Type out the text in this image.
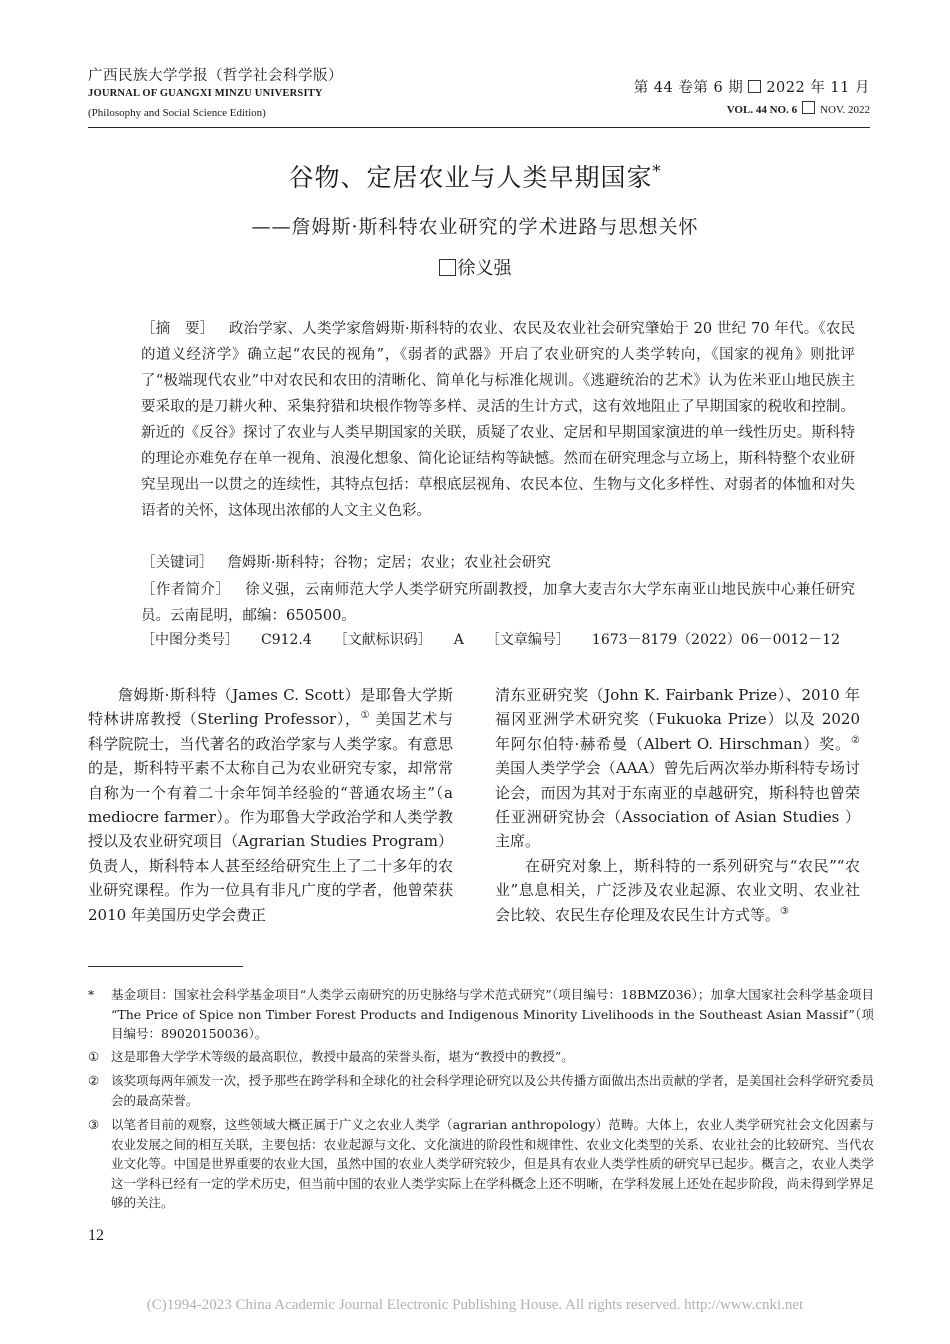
广西民族大学学报（哲学社会科学版）
JOURNAL OF GUANGXI MINZU UNIVERSITY
(Philosophy and Social Science Edition)
第 44 卷第 6 期 2022 年 11 月
VOL. 44 NO. 6 NOV. 2022
谷物、定居农业与人类早期国家*
——詹姆斯·斯科特农业研究的学术进路与思想关怀
徐义强
［摘　要］ 政治学家、人类学家詹姆斯·斯科特的农业、农民及农业社会研究肇始于 20 世纪 70 年代。《农民的道义经济学》确立起“农民的视角”，《弱者的武器》开启了农业研究的人类学转向，《国家的视角》则批评了“极端现代农业”中对农民和农田的清晰化、简单化与标准化规训。《逃避统治的艺术》认为佐米亚山地民族主要采取的是刀耕火种、采集狩猎和块根作物等多样、灵活的生计方式，这有效地阻止了早期国家的税收和控制。新近的《反谷》探讨了农业与人类早期国家的关联，质疑了农业、定居和早期国家演进的单一线性历史。斯科特的理论亦难免存在单一视角、浪漫化想象、简化论证结构等缺憾。然而在研究理念与立场上，斯科特整个农业研究呈现出一以贯之的连续性，其特点包括：草根底层视角、农民本位、生物与文化多样性、对弱者的体恤和对失语者的关怀，这体现出浓郁的人文主义色彩。
［关键词］ 詹姆斯·斯科特；谷物；定居；农业；农业社会研究
［作者简介］ 徐义强，云南师范大学人类学研究所副教授，加拿大麦吉尔大学东南亚山地民族中心兼任研究员。云南昆明，邮编：650500。
［中图分类号］ C912.4 ［文献标识码］ A ［文章编号］ 1673－8179（2022）06－0012－12

詹姆斯·斯科特（James C. Scott）是耶鲁大学斯特林讲席教授（Sterling Professor），① 美国艺术与科学院院士，当代著名的政治学家与人类学家。有意思的是，斯科特平素不太称自己为农业研究专家，却常常自称为一个有着二十余年饲羊经验的“普通农场主”（a mediocre farmer）。作为耶鲁大学政治学和人类学教授以及农业研究项目（Agrarian Studies Program）负责人，斯科特本人甚至经给研究生上了二十多年的农业研究课程。作为一位具有非凡广度的学者，他曾荣获 2010 年美国历史学会费正

清东亚研究奖（John K. Fairbank Prize）、2010 年福冈亚洲学术研究奖（Fukuoka Prize）以及 2020 年阿尔伯特·赫希曼（Albert O. Hirschman）奖。② 美国人类学学会（AAA）曾先后两次举办斯科特专场讨论会，而因为其对于东南亚的卓越研究，斯科特也曾荣任亚洲研究协会（Association of Asian Studies ）主席。

在研究对象上，斯科特的一系列研究与“农民”“农业”息息相关，广泛涉及农业起源、农业文明、农业社会比较、农民生存伦理及农民生计方式等。③

* 基金项目：国家社会科学基金项目“人类学云南研究的历史脉络与学术范式研究”（项目编号：18BMZ036）；加拿大国家社会科学基金项目 “The Price of Spice non Timber Forest Products and Indigenous Minority Livelihoods in the Southeast Asian Massif”（项目编号：89020150036）。
① 这是耶鲁大学学术等级的最高职位，教授中最高的荣誉头衔，堪为“教授中的教授”。
② 该奖项每两年颁发一次，授予那些在跨学科和全球化的社会科学理论研究以及公共传播方面做出杰出贡献的学者，是美国社会科学研究委员会的最高荣誉。
③ 以笔者目前的观察，这些领域大概正属于广义之农业人类学（agrarian anthropology）范畴。大体上，农业人类学研究社会文化因素与农业发展之间的相互关联，主要包括：农业起源与文化、文化演进的阶段性和规律性、农业文化类型的关系、农业社会的比较研究、当代农业文化等。中国是世界重要的农业大国，虽然中国的农业人类学研究较少，但是具有农业人类学性质的研究早已起步。概言之，农业人类学这一学科已经有一定的学术历史，但当前中国的农业人类学实际上在学科概念上还不明晰，在学科发展上还处在起步阶段，尚未得到学界足够的关注。
12
(C)1994-2023 China Academic Journal Electronic Publishing House. All rights reserved. http://www.cnki.net
